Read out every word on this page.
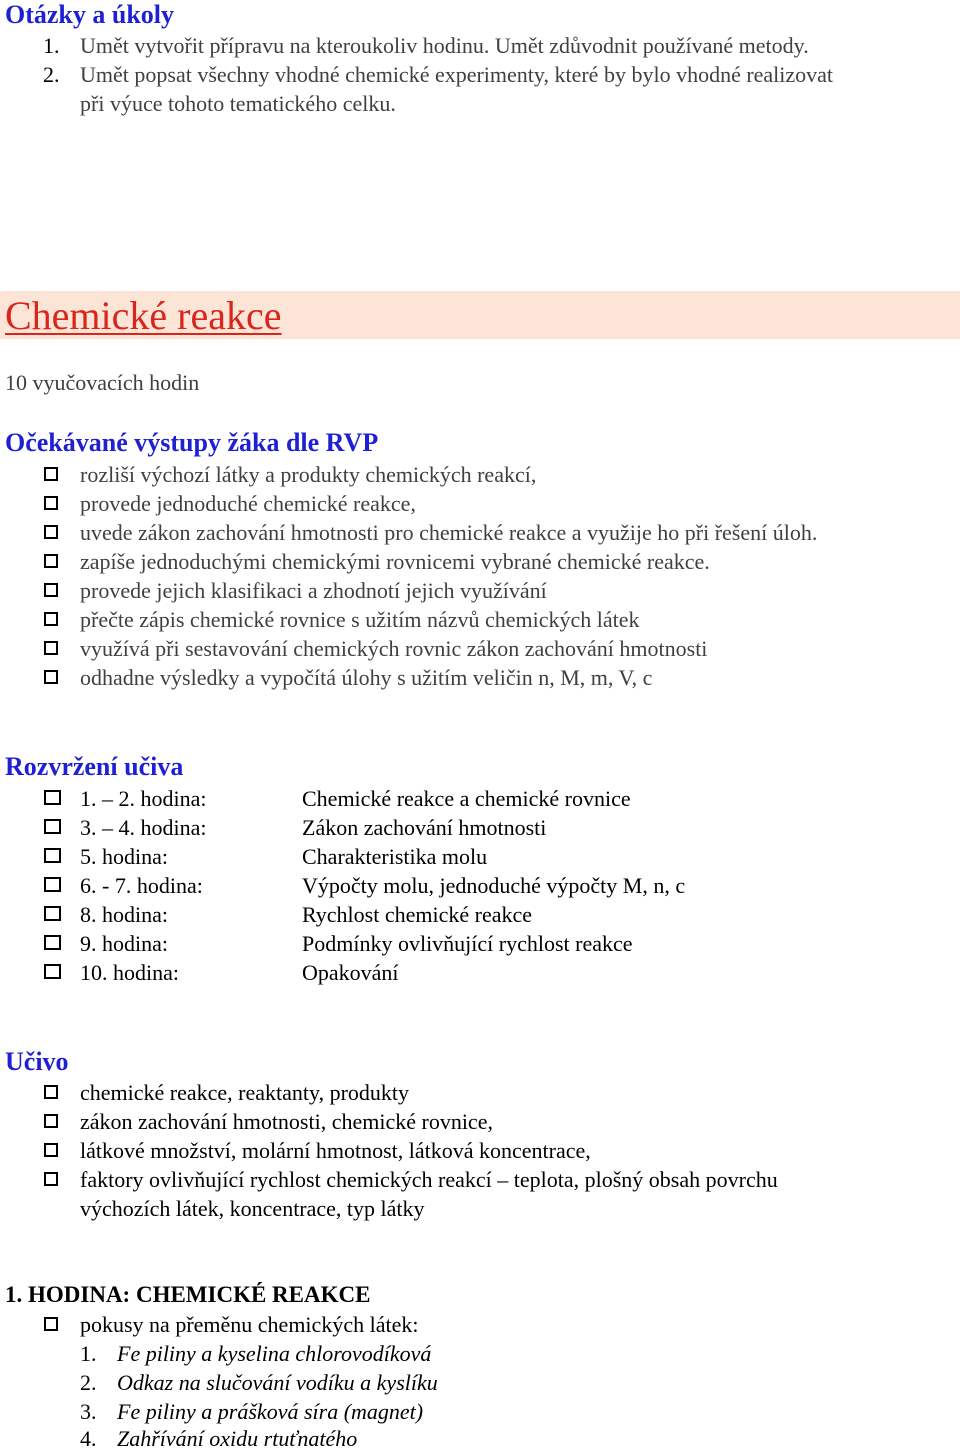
Otázky a úkoly
1. Umět vytvořit přípravu na kteroukoliv hodinu. Umět zdůvodnit používané metody.
2. Umět popsat všechny vhodné chemické experimenty, které by bylo vhodné realizovat
při výuce tohoto tematického celku.
Chemické reakce
10 vyučovacích hodin
Očekávané výstupy žáka dle RVP
rozliší výchozí látky a produkty chemických reakcí,
provede jednoduché chemické reakce,
uvede zákon zachování hmotnosti pro chemické reakce a využije ho při řešení úloh.
zapíše jednoduchými chemickými rovnicemi vybrané chemické reakce.
provede jejich klasifikaci a zhodnotí jejich využívání
přečte zápis chemické rovnice s užitím názvů chemických látek
využívá při sestavování chemických rovnic zákon zachování hmotnosti
odhadne výsledky a vypočítá úlohy s užitím veličin n, M, m, V, c
Rozvržení učiva
1. – 2. hodina:	Chemické reakce a chemické rovnice
3. – 4. hodina:	Zákon zachování hmotnosti
5. hodina:	Charakteristika molu
6. - 7. hodina:	Výpočty molu, jednoduché výpočty M, n, c
8. hodina:	Rychlost chemické reakce
9. hodina:	Podmínky ovlivňující rychlost reakce
10. hodina:	Opakování
Učivo
chemické reakce, reaktanty, produkty
zákon zachování hmotnosti, chemické rovnice,
látkové množství, molární hmotnost, látková koncentrace,
faktory ovlivňující rychlost chemických reakcí – teplota, plošný obsah povrchu
výchozích látek, koncentrace, typ látky
1. HODINA: CHEMICKÉ REAKCE
pokusy na přeměnu chemických látek:
1. Fe piliny a kyselina chlorovodíková
2. Odkaz na slučování vodíku a kyslíku
3. Fe piliny a prášková síra (magnet)
4. Zahřívání oxidu rtuťnatého
